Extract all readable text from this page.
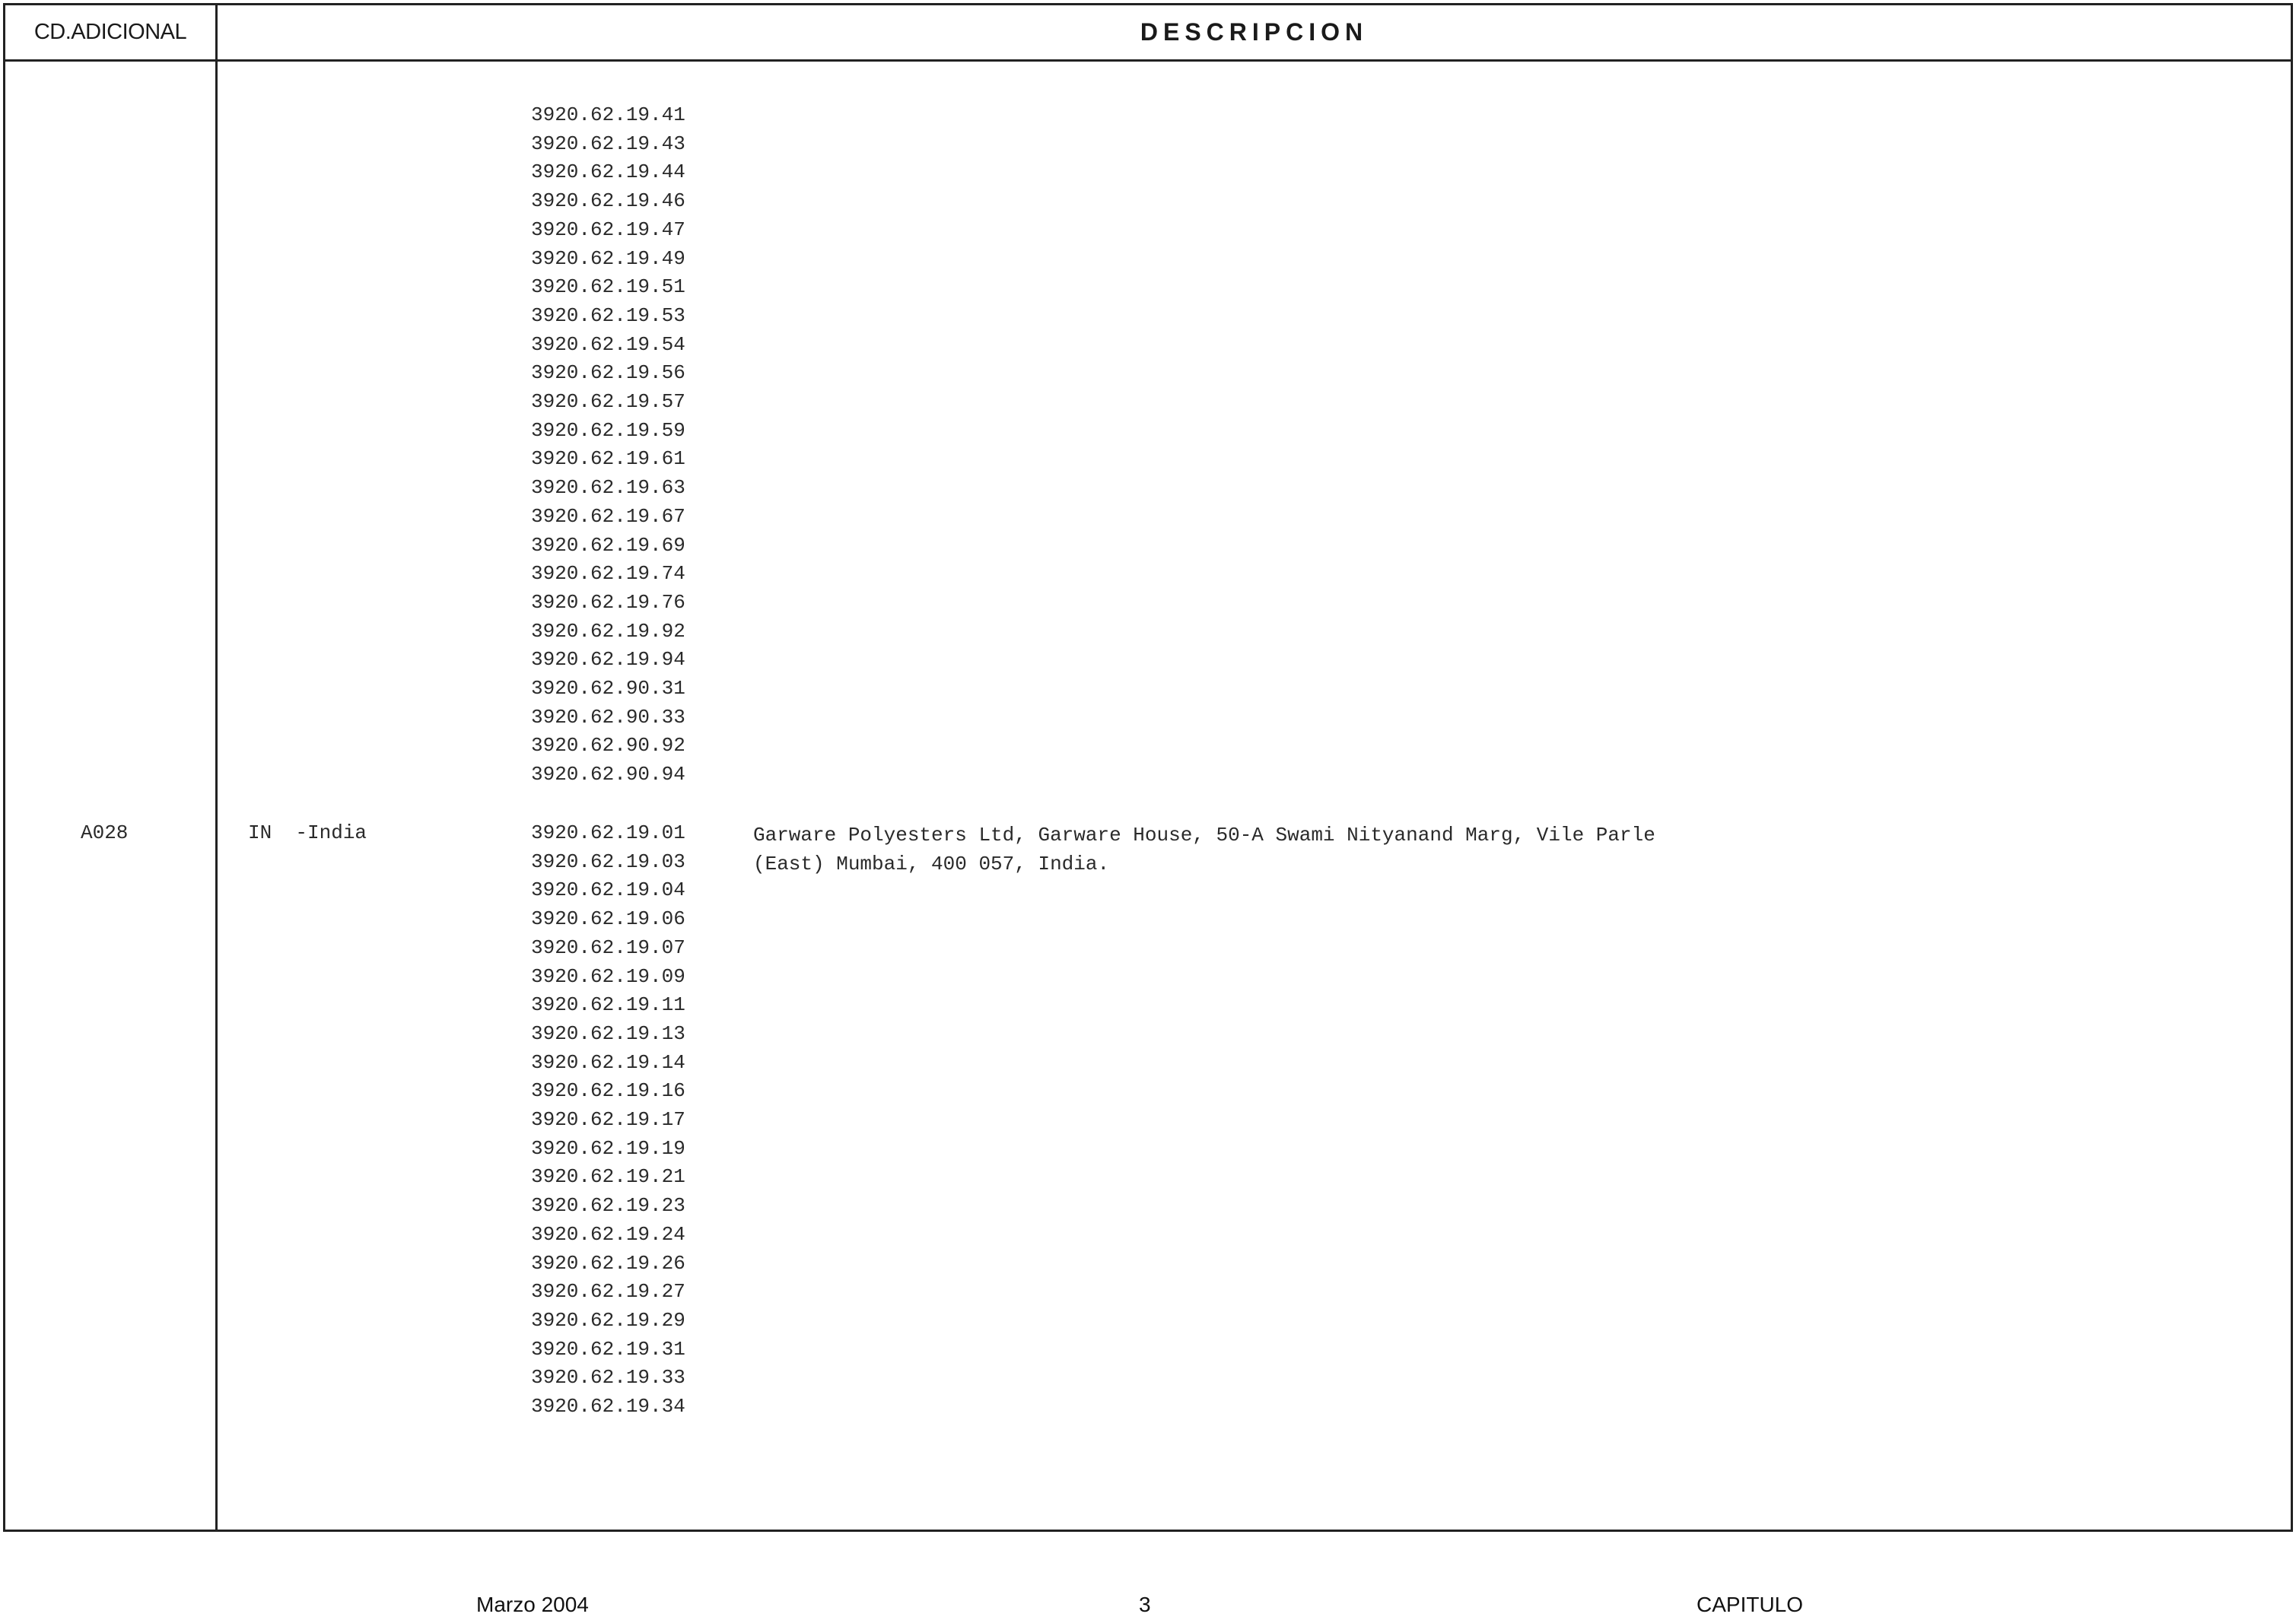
CD.ADICIONAL	DESCRIPCION
3920.62.19.41
3920.62.19.43
3920.62.19.44
3920.62.19.46
3920.62.19.47
3920.62.19.49
3920.62.19.51
3920.62.19.53
3920.62.19.54
3920.62.19.56
3920.62.19.57
3920.62.19.59
3920.62.19.61
3920.62.19.63
3920.62.19.67
3920.62.19.69
3920.62.19.74
3920.62.19.76
3920.62.19.92
3920.62.19.94
3920.62.90.31
3920.62.90.33
3920.62.90.92
3920.62.90.94
A028	IN  -India	3920.62.19.01
3920.62.19.03
3920.62.19.04
3920.62.19.06
3920.62.19.07
3920.62.19.09
3920.62.19.11
3920.62.19.13
3920.62.19.14
3920.62.19.16
3920.62.19.17
3920.62.19.19
3920.62.19.21
3920.62.19.23
3920.62.19.24
3920.62.19.26
3920.62.19.27
3920.62.19.29
3920.62.19.31
3920.62.19.33
3920.62.19.34
Garware Polyesters Ltd, Garware House, 50-A Swami Nityanand Marg, Vile Parle
(East) Mumbai, 400 057, India.
Marzo 2004	3	CAPITULO
